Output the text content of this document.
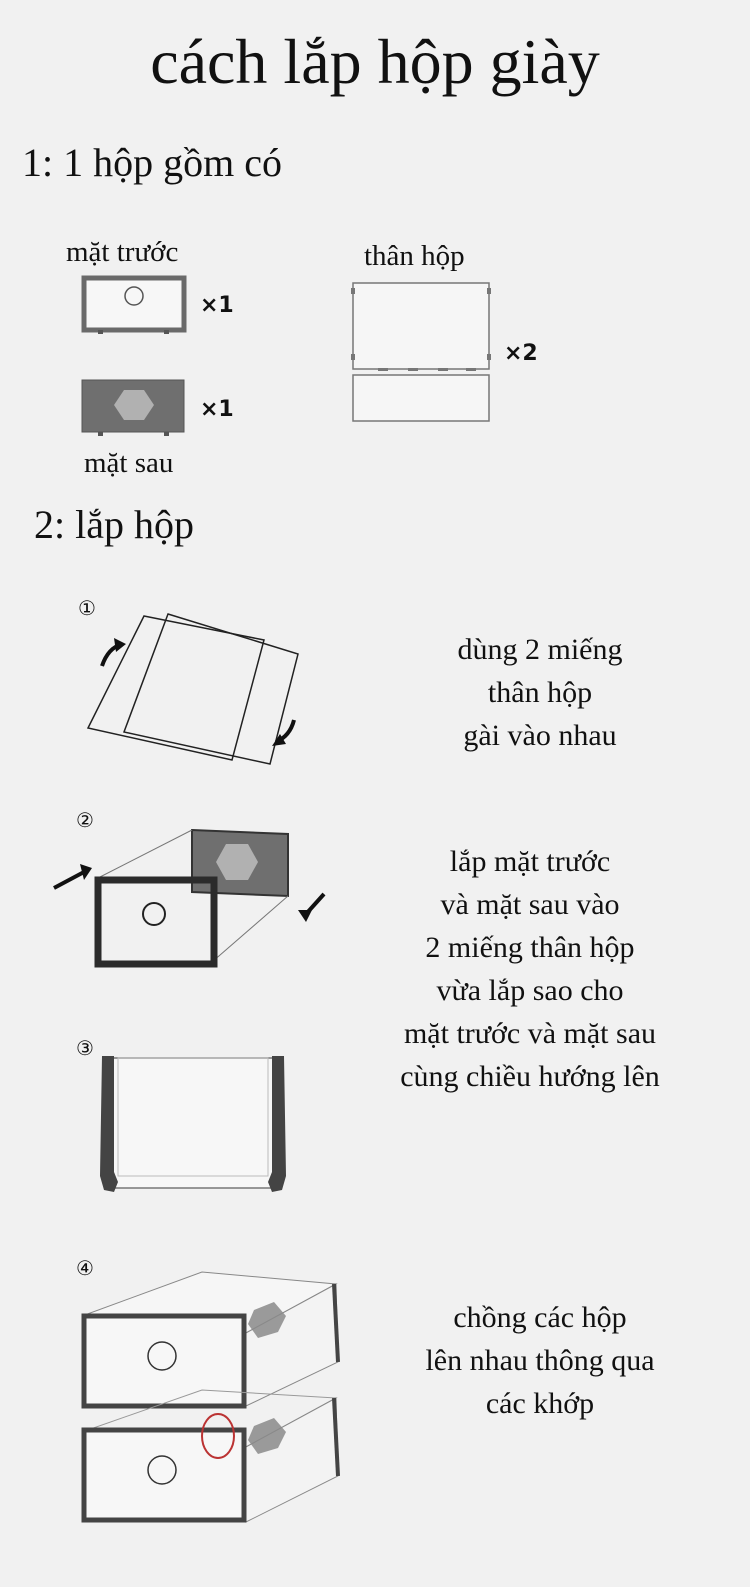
cách lắp hộp giày
1: 1 hộp gồm có
mặt trước
×1
×1
mặt sau
thân hộp
×2
2: lắp hộp
①
dùng 2 miếng
thân hộp
gài vào nhau
②
lắp mặt trước
và mặt sau vào
2 miếng thân hộp
vừa lắp sao cho
mặt trước và mặt sau
cùng chiều hướng lên
③
④
chồng các hộp
lên nhau thông qua
các khớp
